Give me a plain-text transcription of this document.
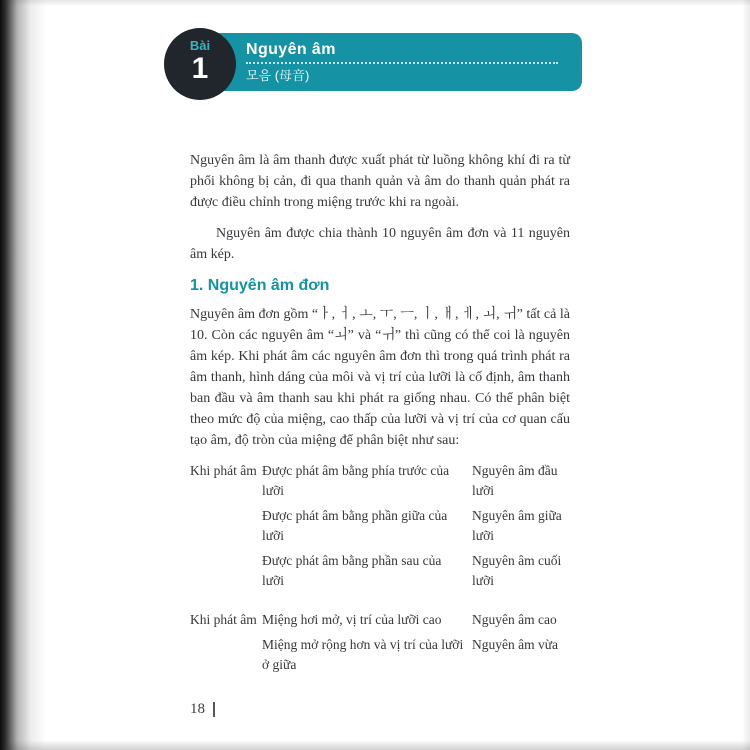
Nguyên âm
모음 (母音)
Bài
1

Nguyên âm là âm thanh được xuất phát từ luồng không khí đi ra từ phổi không bị cản, đi qua thanh quản và âm do thanh quản phát ra được điều chỉnh trong miệng trước khi ra ngoài.

Nguyên âm được chia thành 10 nguyên âm đơn và 11 nguyên âm kép.

1. Nguyên âm đơn

Nguyên âm đơn gồm “ㅏ, ㅓ, ㅗ, ㅜ, ㅡ, ㅣ, ㅐ, ㅔ, ㅚ, ㅟ” tất cả là 10. Còn các nguyên âm “ㅚ” và “ㅟ” thì cũng có thể coi là nguyên âm kép. Khi phát âm các nguyên âm đơn thì trong quá trình phát ra âm thanh, hình dáng của môi và vị trí của lưỡi là cố định, âm thanh ban đầu và âm thanh sau khi phát ra giống nhau. Có thể phân biệt theo mức độ của miệng, cao thấp của lưỡi và vị trí của cơ quan cấu tạo âm, độ tròn của miệng để phân biệt như sau:

Khi phát âm Được phát âm bằng phía trước của lưỡi
Nguyên âm đầu lưỡi
Được phát âm bằng phần giữa của lưỡi
Nguyên âm giữa lưỡi
Được phát âm bằng phần sau của lưỡi
Nguyên âm cuối lưỡi
Khi phát âm Miệng hơi mở, vị trí của lưỡi cao	Nguyên âm cao
Miệng mở rộng hơn và vị trí của lưỡi ở giữa
Nguyên âm vừa
18
